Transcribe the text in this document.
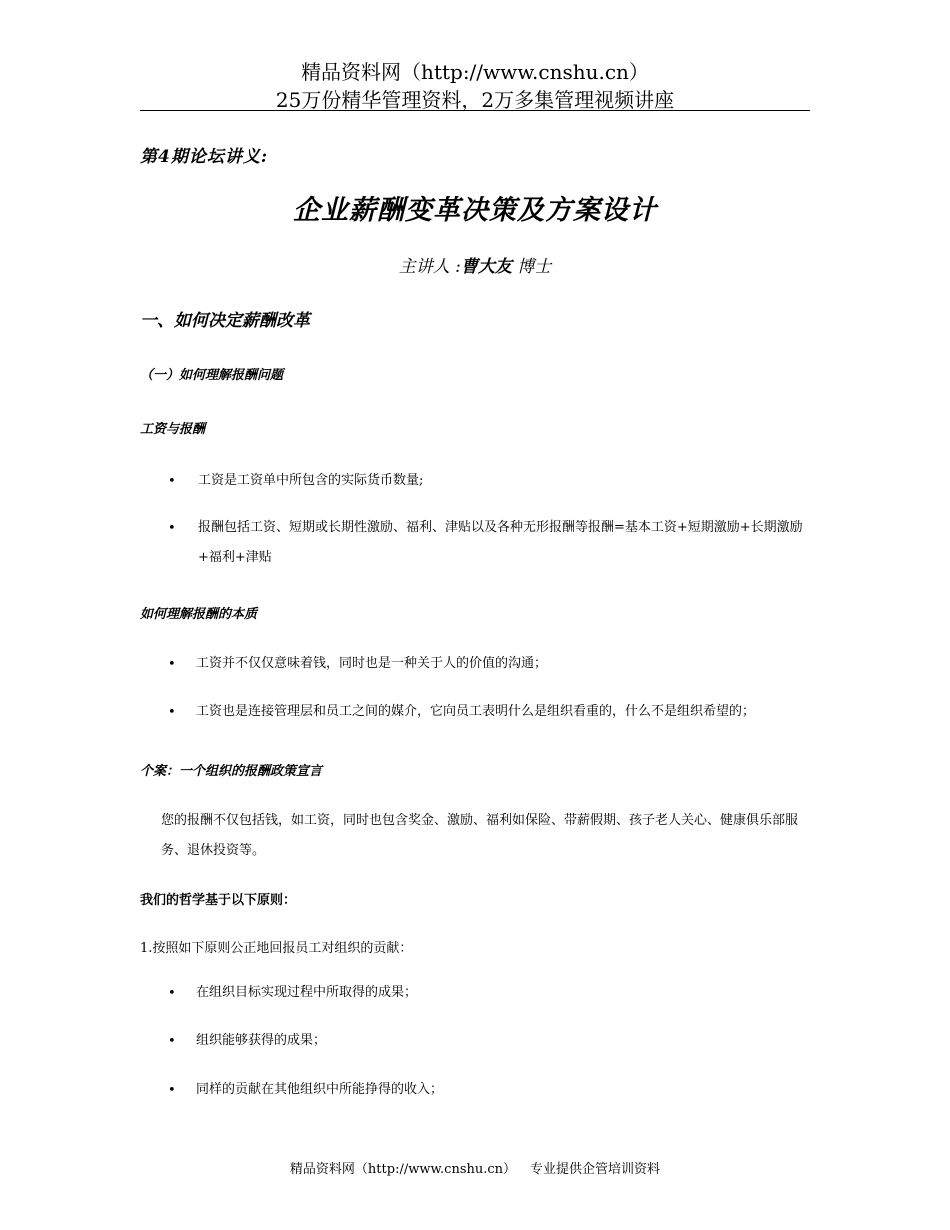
精品资料网（http://www.cnshu.cn）
25万份精华管理资料，2万多集管理视频讲座
第4期论坛讲义:
企业薪酬变革决策及方案设计
主讲人 :曹大友 博士
一、如何决定薪酬改革
（一）如何理解报酬问题
工资与报酬
• 工资是工资单中所包含的实际货币数量;
• 报酬包括工资、短期或长期性激励、福利、津贴以及各种无形报酬等报酬=基本工资+短期激励+长期激励+福利+津贴
如何理解报酬的本质
• 工资并不仅仅意味着钱，同时也是一种关于人的价值的沟通；
• 工资也是连接管理层和员工之间的媒介，它向员工表明什么是组织看重的，什么不是组织希望的；
个案：一个组织的报酬政策宣言
您的报酬不仅包括钱，如工资，同时也包含奖金、激励、福利如保险、带薪假期、孩子老人关心、健康俱乐部服务、退休投资等。
我们的哲学基于以下原则：
1.按照如下原则公正地回报员工对组织的贡献：
• 在组织目标实现过程中所取得的成果；
• 组织能够获得的成果；
• 同样的贡献在其他组织中所能挣得的收入；
精品资料网（http://www.cnshu.cn） 专业提供企管培训资料
